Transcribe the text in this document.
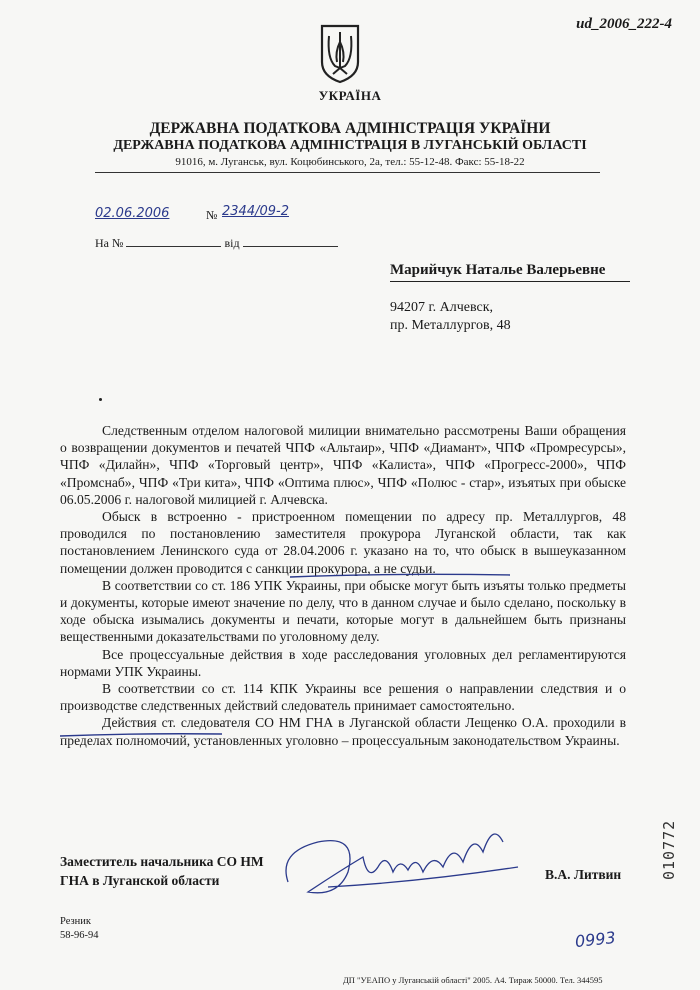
ud_2006_222-4
УКРАЇНА
ДЕРЖАВНА ПОДАТКОВА АДМІНІСТРАЦІЯ УКРАЇНИ
ДЕРЖАВНА ПОДАТКОВА АДМІНІСТРАЦІЯ В ЛУГАНСЬКІЙ ОБЛАСТІ
91016, м. Луганськ, вул. Коцюбинського, 2а, тел.: 55-12-48. Факс: 55-18-22
02.06.2006	№ 2344/09-2
На №	від
Марийчук Наталье Валерьевне
94207 г. Алчевск,
пр. Металлургов, 48

Следственным отделом налоговой милиции внимательно рассмотрены Ваши обращения о возвращении документов и печатей ЧПФ «Альтаир», ЧПФ «Диамант», ЧПФ «Промресурсы», ЧПФ «Дилайн», ЧПФ «Торговый центр», ЧПФ «Калиста», ЧПФ «Прогресс-2000», ЧПФ «Промснаб», ЧПФ «Три кита», ЧПФ «Оптима плюс», ЧПФ «Полюс - стар», изъятых при обыске 06.05.2006 г. налоговой милицией г. Алчевска.

Обыск в встроенно - пристроенном помещении по адресу пр. Металлургов, 48 проводился по постановлению заместителя прокурора Луганской области, так как постановлением Ленинского суда от 28.04.2006 г. указано на то, что обыск в вышеуказанном помещении должен проводится с санкции прокурора, а не судьи.

В соответствии со ст. 186 УПК Украины, при обыске могут быть изъяты только предметы и документы, которые имеют значение по делу, что в данном случае и было сделано, поскольку в ходе обыска изымались документы и печати, которые могут в дальнейшем быть признаны вещественными доказательствами по уголовному делу.

Все процессуальные действия в ходе расследования уголовных дел регламентируются нормами УПК Украины.

В соответствии со ст. 114 КПК Украины все решения о направлении следствия и о производстве следственных действий следователь принимает самостоятельно.

Действия ст. следователя СО НМ ГНА в Луганской области Лещенко О.А. проходили в пределах полномочий, установленных уголовно – процессуальным законодательством Украины.

Заместитель начальника СО НМ
ГНА в Луганской области	В.А. Литвин	010772
Резник
58-96-94	0993
ДП "УЕАПО у Луганській області" 2005. А4. Тираж 50000. Тел. 344595
